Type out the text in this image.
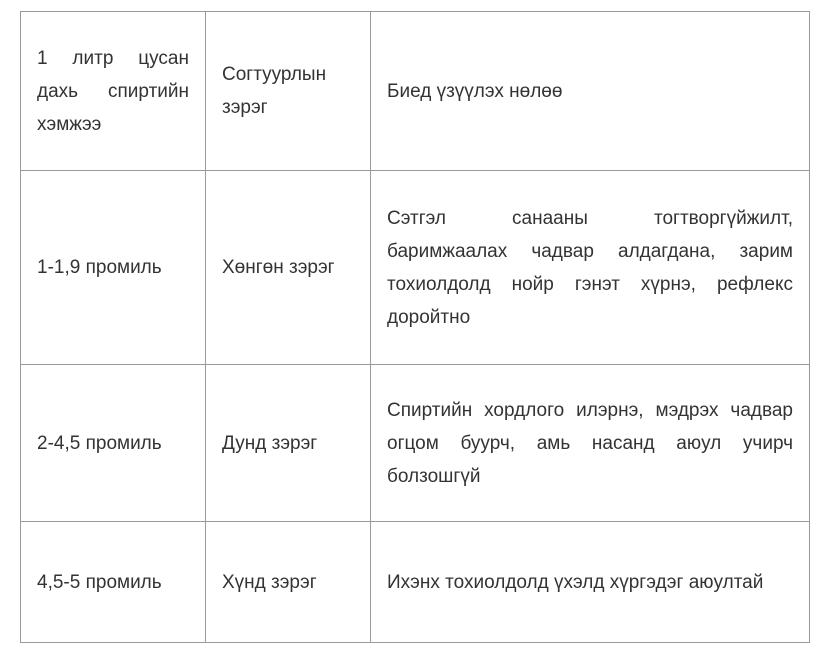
1 литр цусан дахь спиртийн хэмжээ	Согтуурлын зэрэг	Биед үзүүлэх нөлөө

1-1,9 промиль	Хөнгөн зэрэг	Сэтгэл санааны тогтворгүйжилт, баримжаалах чадвар алдагдана, зарим тохиолдолд нойр гэнэт хүрнэ, рефлекс доройтно

2-4,5 промиль	Дунд зэрэг	Спиртийн хордлого илэрнэ, мэдрэх чадвар огцом буурч, амь насанд аюул учирч болзошгүй

4,5-5 промиль	Хүнд зэрэг	Ихэнх тохиолдолд үхэлд хүргэдэг аюултай
